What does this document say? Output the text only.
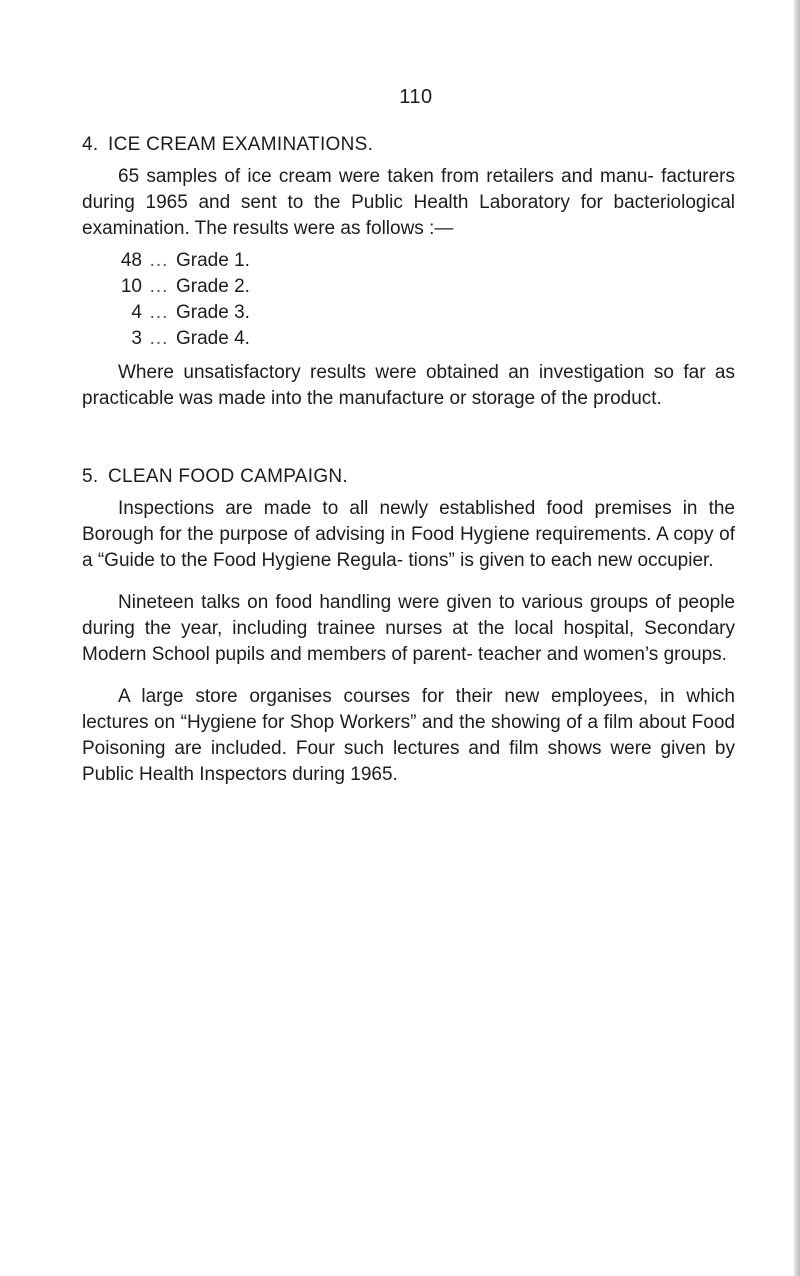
110
4. ICE CREAM EXAMINATIONS.

65 samples of ice cream were taken from retailers and manu- facturers during 1965 and sent to the Public Health Laboratory for bacteriological examination. The results were as follows :—

48 ... Grade 1.
10 ... Grade 2.
4 ... Grade 3.
3 ... Grade 4.

Where unsatisfactory results were obtained an investigation so far as practicable was made into the manufacture or storage of the product.

5. CLEAN FOOD CAMPAIGN.

Inspections are made to all newly established food premises in the Borough for the purpose of advising in Food Hygiene requirements. A copy of a “Guide to the Food Hygiene Regula- tions” is given to each new occupier.

Nineteen talks on food handling were given to various groups of people during the year, including trainee nurses at the local hospital, Secondary Modern School pupils and members of parent- teacher and women’s groups.

A large store organises courses for their new employees, in which lectures on “Hygiene for Shop Workers” and the showing of a film about Food Poisoning are included. Four such lectures and film shows were given by Public Health Inspectors during 1965.
